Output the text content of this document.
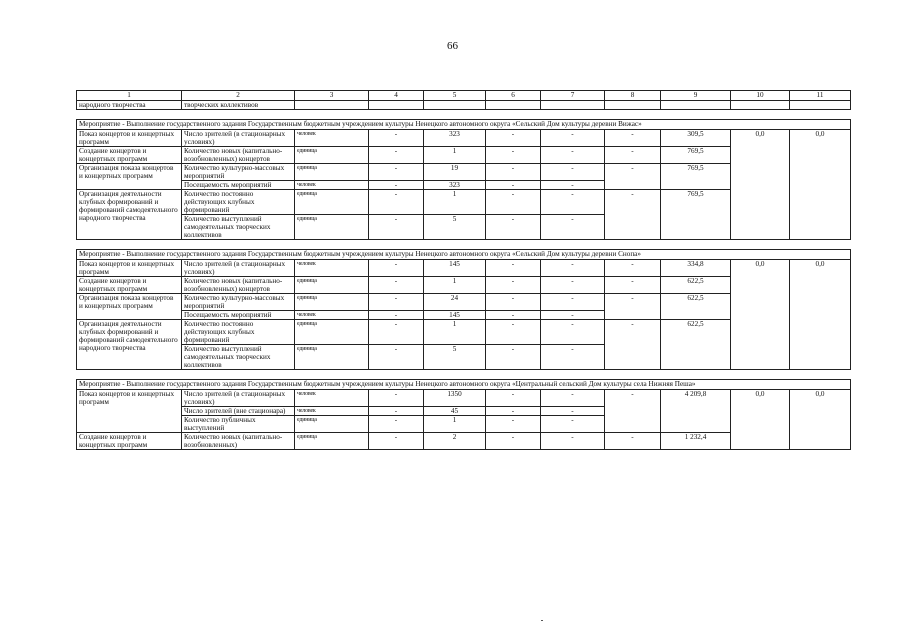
66
1	2	3	4	5	6	7	8	9	10	11
народного творчества	творческих коллективов									

Мероприятие - Выполнение государственного задания Государственным бюджетным учреждением культуры Ненецкого автономного округа «Сельский Дом культуры деревни Вижас»										
Показ концертов и концертных программ	Число зрителей (в стационарных условиях)	человек	-	323	-	-	-	309,5	0,0	0,0
Создание концертов и концертных программ	Количество новых (капитально-возобновленных) концертов	единица	-	1	-	-	-	769,5		
Организация показа концертов и концертных программ	Количество культурно-массовых мероприятий	единица	-	19	-	-	-	769,5		
	Посещаемость мероприятий	человек	-	323	-	-				
Организация деятельности клубных формирований и формирований самодеятельного народного творчества	Количество постоянно действующих клубных формирований	единица	-	1	-	-	-	769,5		
	Количество выступлений самодеятельных творческих коллективов	единица	-	5	-	-				

Мероприятие - Выполнение государственного задания Государственным бюджетным учреждением культуры Ненецкого автономного округа «Сельский Дом культуры деревни Снопа»										
Показ концертов и концертных программ	Число зрителей (в стационарных условиях)	человек	-	145	-	-	-	334,8	0,0	0,0
Создание концертов и концертных программ	Количество новых (капитально-возобновленных) концертов	единица	-	1	-	-	-	622,5		
Организация показа концертов и концертных программ	Количество культурно-массовых мероприятий	единица	-	24	-	-	-	622,5		
	Посещаемость мероприятий	человек	-	145	-	-				
Организация деятельности клубных формирований и формирований самодеятельного народного творчества	Количество постоянно действующих клубных формирований	единица	-	1	-	-	-	622,5		
	Количество выступлений самодеятельных творческих коллективов	единица	-	5	-	-				

Мероприятие - Выполнение государственного задания Государственным бюджетным учреждением культуры Ненецкого автономного округа «Центральный сельский Дом культуры села Нижняя Пеша»										
Показ концертов и концертных программ	Число зрителей (в стационарных условиях)	человек	-	1350	-	-	-	4 209,8	0,0	0,0
	Число зрителей (вне стационара)	человек	-	45	-	-				
	Количество публичных выступлений	единица	-	1	-	-				
Создание концертов и концертных программ	Количество новых (капитально-возобновленных)	единица	-	2	-	-	-	1 232,4		
